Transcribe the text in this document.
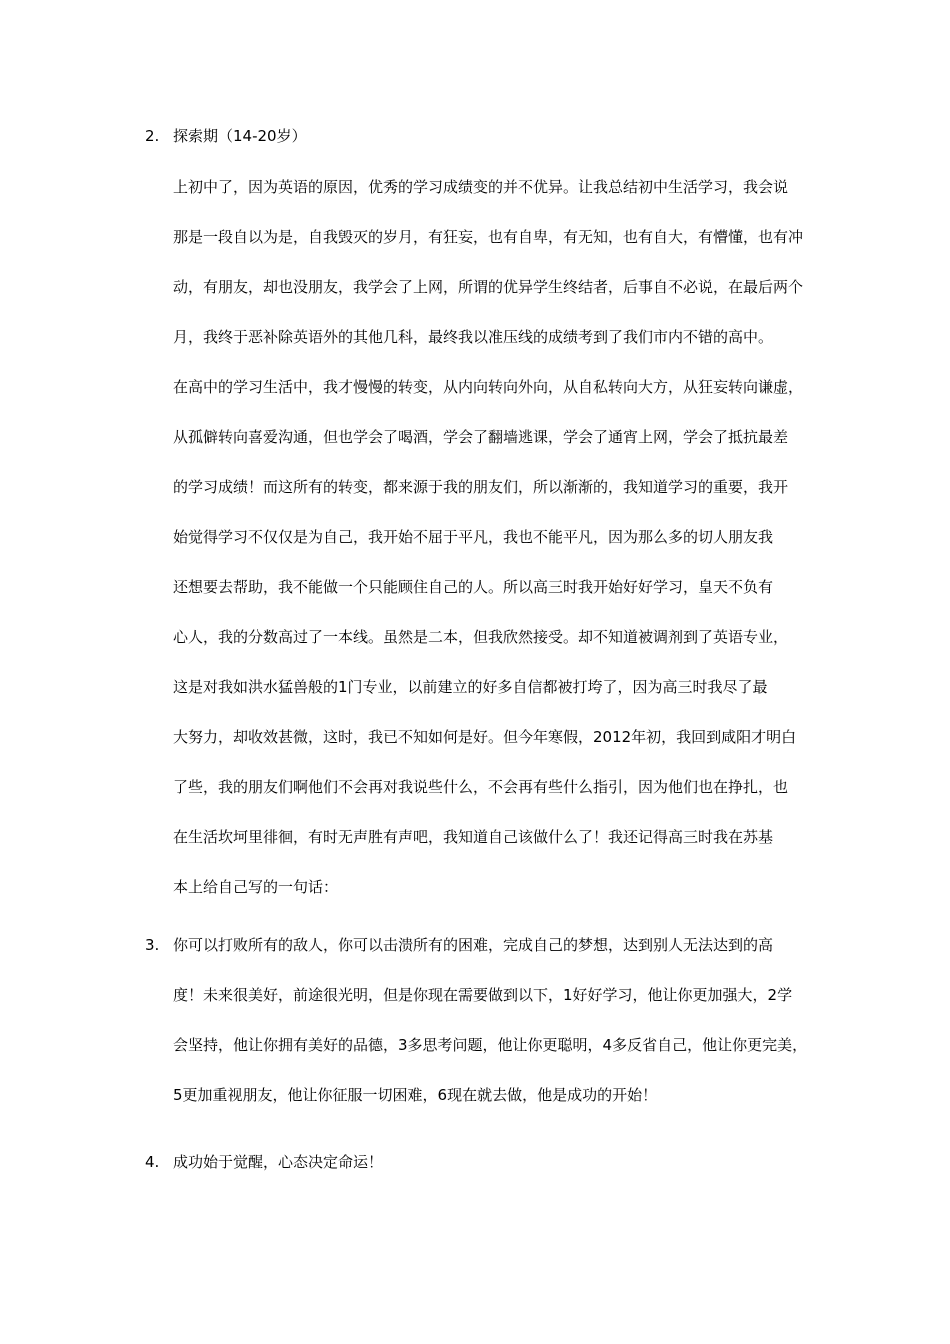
2. 探索期（14-20岁）
上初中了，因为英语的原因，优秀的学习成绩变的并不优异。让我总结初中生活学习，我会说
那是一段自以为是，自我毁灭的岁月，有狂妄，也有自卑，有无知，也有自大，有懵懂，也有冲
动，有朋友，却也没朋友，我学会了上网，所谓的优异学生终结者，后事自不必说，在最后两个
月，我终于恶补除英语外的其他几科，最终我以准压线的成绩考到了我们市内不错的高中。
在高中的学习生活中，我才慢慢的转变，从内向转向外向，从自私转向大方，从狂妄转向谦虚，
从孤僻转向喜爱沟通，但也学会了喝酒，学会了翻墙逃课，学会了通宵上网，学会了抵抗最差
的学习成绩！而这所有的转变，都来源于我的朋友们，所以渐渐的，我知道学习的重要，我开
始觉得学习不仅仅是为自己，我开始不屈于平凡，我也不能平凡，因为那么多的切人朋友我
还想要去帮助，我不能做一个只能顾住自己的人。所以高三时我开始好好学习，皇天不负有
心人，我的分数高过了一本线。虽然是二本，但我欣然接受。却不知道被调剂到了英语专业，
这是对我如洪水猛兽般的1门专业，以前建立的好多自信都被打垮了，因为高三时我尽了最
大努力，却收效甚微，这时，我已不知如何是好。但今年寒假，2012年初，我回到咸阳才明白
了些，我的朋友们啊他们不会再对我说些什么，不会再有些什么指引，因为他们也在挣扎，也
在生活坎坷里徘徊，有时无声胜有声吧，我知道自己该做什么了！我还记得高三时我在苏基
本上给自己写的一句话：
3. 你可以打败所有的敌人，你可以击溃所有的困难，完成自己的梦想，达到别人无法达到的高
度！未来很美好，前途很光明，但是你现在需要做到以下，1好好学习，他让你更加强大，2学
会坚持，他让你拥有美好的品德，3多思考问题，他让你更聪明，4多反省自己，他让你更完美，
5更加重视朋友，他让你征服一切困难，6现在就去做，他是成功的开始！
4. 成功始于觉醒，心态决定命运！
